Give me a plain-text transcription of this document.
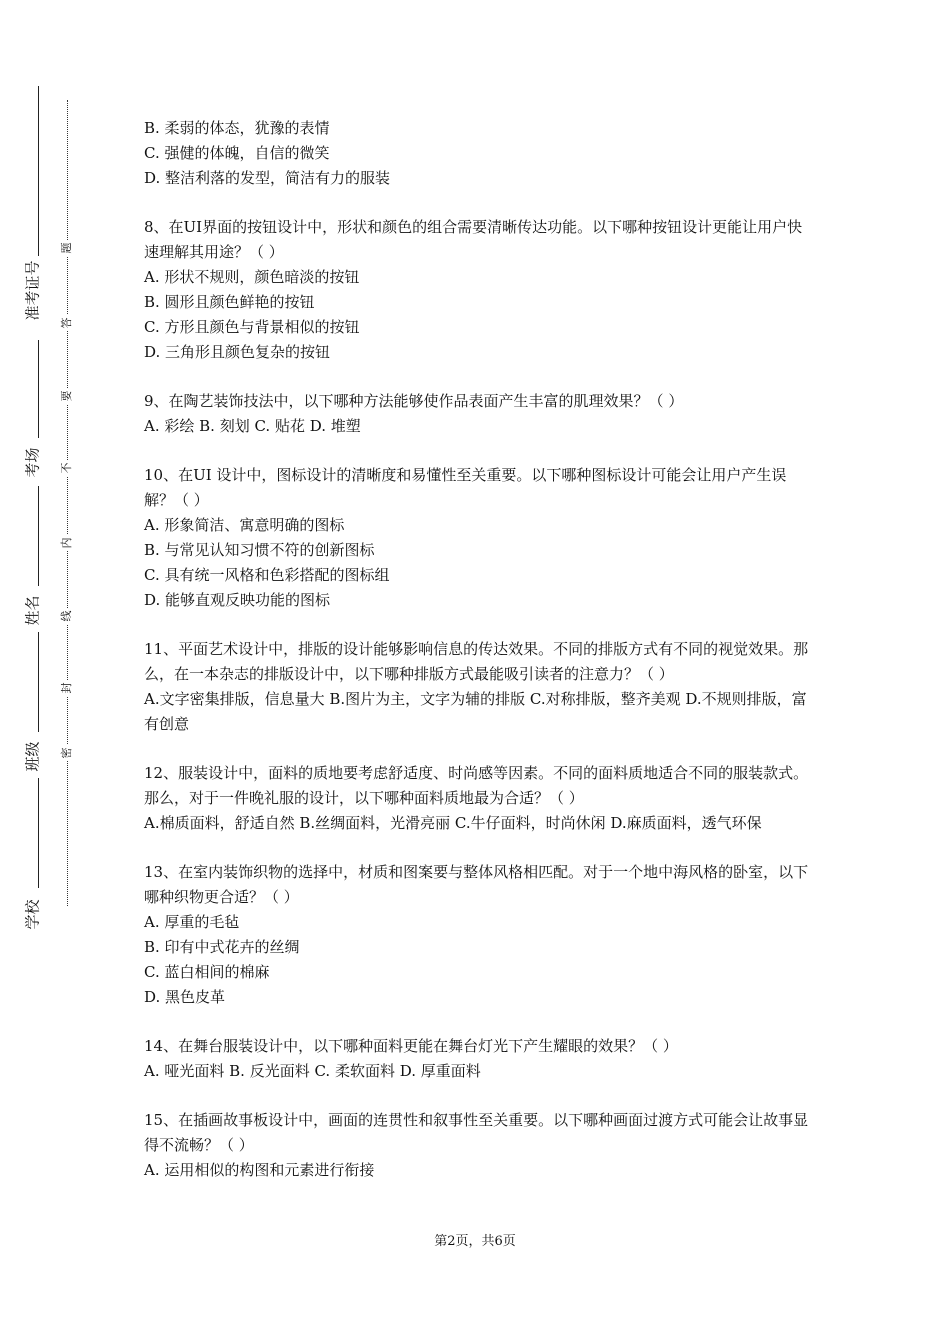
准考证号
考场
姓名
班级
学校
题
答
要
不
内
线
封
密

B. 柔弱的体态，犹豫的表情

C. 强健的体魄，自信的微笑

D. 整洁利落的发型，简洁有力的服装

8、在UI界面的按钮设计中，形状和颜色的组合需要清晰传达功能。以下哪种按钮设计更能让用户快速理解其用途？（ ）

A. 形状不规则，颜色暗淡的按钮

B. 圆形且颜色鲜艳的按钮

C. 方形且颜色与背景相似的按钮

D. 三角形且颜色复杂的按钮

9、在陶艺装饰技法中，以下哪种方法能够使作品表面产生丰富的肌理效果？（ ）

A. 彩绘 B. 刻划 C. 贴花 D. 堆塑

10、在UI 设计中，图标设计的清晰度和易懂性至关重要。以下哪种图标设计可能会让用户产生误解？（ ）

A. 形象简洁、寓意明确的图标

B. 与常见认知习惯不符的创新图标

C. 具有统一风格和色彩搭配的图标组

D. 能够直观反映功能的图标

11、平面艺术设计中，排版的设计能够影响信息的传达效果。不同的排版方式有不同的视觉效果。那么，在一本杂志的排版设计中，以下哪种排版方式最能吸引读者的注意力？（ ）

A.文字密集排版，信息量大 B.图片为主，文字为辅的排版 C.对称排版，整齐美观 D.不规则排版，富有创意

12、服装设计中，面料的质地要考虑舒适度、时尚感等因素。不同的面料质地适合不同的服装款式。那么，对于一件晚礼服的设计，以下哪种面料质地最为合适？（ ）

A.棉质面料，舒适自然 B.丝绸面料，光滑亮丽 C.牛仔面料，时尚休闲 D.麻质面料，透气环保

13、在室内装饰织物的选择中，材质和图案要与整体风格相匹配。对于一个地中海风格的卧室，以下哪种织物更合适？（ ）

A. 厚重的毛毡

B. 印有中式花卉的丝绸

C. 蓝白相间的棉麻

D. 黑色皮革

14、在舞台服装设计中，以下哪种面料更能在舞台灯光下产生耀眼的效果？（ ）

A. 哑光面料 B. 反光面料 C. 柔软面料 D. 厚重面料

15、在插画故事板设计中，画面的连贯性和叙事性至关重要。以下哪种画面过渡方式可能会让故事显得不流畅？（ ）

A. 运用相似的构图和元素进行衔接

第2页，共6页
